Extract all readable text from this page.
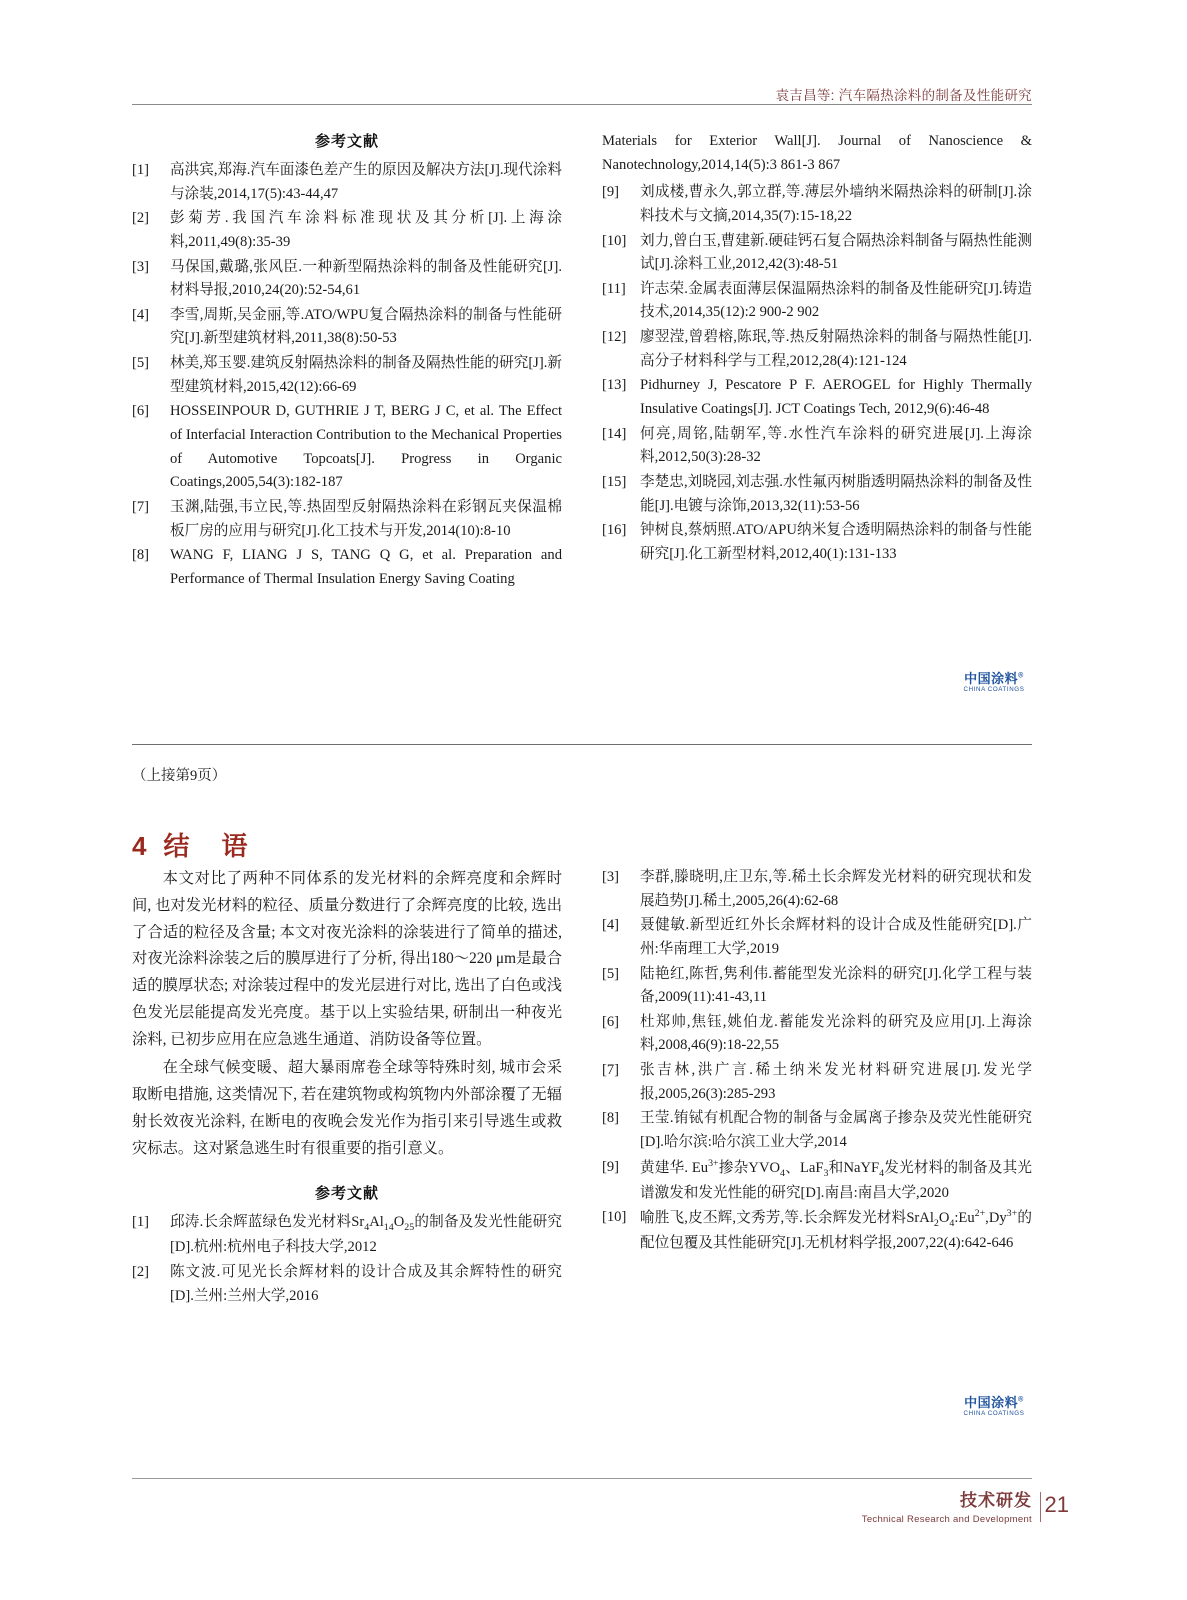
袁吉昌等: 汽车隔热涂料的制备及性能研究
参考文献
[1]	高洪宾,郑海.汽车面漆色差产生的原因及解决方法[J].现代涂料与涂装,2014,17(5):43-44,47
[2]	彭菊芳.我国汽车涂料标准现状及其分析[J].上海涂料,2011,49(8):35-39
[3]	马保国,戴璐,张风臣.一种新型隔热涂料的制备及性能研究[J].材料导报,2010,24(20):52-54,61
[4]	李雪,周斯,吴金丽,等.ATO/WPU复合隔热涂料的制备与性能研究[J].新型建筑材料,2011,38(8):50-53
[5]	林美,郑玉婴.建筑反射隔热涂料的制备及隔热性能的研究[J].新型建筑材料,2015,42(12):66-69
[6]	HOSSEINPOUR D, GUTHRIE J T, BERG J C, et al. The Effect of Interfacial Interaction Contribution to the Mechanical Properties of Automotive Topcoats[J]. Progress in Organic Coatings,2005,54(3):182-187
[7]	玉渊,陆强,韦立民,等.热固型反射隔热涂料在彩钢瓦夹保温棉板厂房的应用与研究[J].化工技术与开发,2014(10):8-10
[8]	WANG F, LIANG J S, TANG Q G, et al. Preparation and Performance of Thermal Insulation Energy Saving Coating
Materials for Exterior Wall[J]. Journal of Nanoscience & Nanotechnology,2014,14(5):3 861-3 867
[9]	刘成楼,曹永久,郭立群,等.薄层外墙纳米隔热涂料的研制[J].涂料技术与文摘,2014,35(7):15-18,22
[10] 刘力,曾白玉,曹建新.硬硅钙石复合隔热涂料制备与隔热性能测试[J].涂料工业,2012,42(3):48-51
[11] 许志荣.金属表面薄层保温隔热涂料的制备及性能研究[J].铸造技术,2014,35(12):2 900-2 902
[12] 廖翌滢,曾碧榕,陈珉,等.热反射隔热涂料的制备与隔热性能[J].高分子材料科学与工程,2012,28(4):121-124
[13] Pidhurney J, Pescatore P F. AEROGEL for Highly Thermally Insulative Coatings[J]. JCT Coatings Tech, 2012,9(6):46-48
[14] 何亮,周铭,陆朝军,等.水性汽车涂料的研究进展[J].上海涂料,2012,50(3):28-32
[15] 李楚忠,刘晓园,刘志强.水性氟丙树脂透明隔热涂料的制备及性能[J].电镀与涂饰,2013,32(11):53-56
[16] 钟树良,蔡炳照.ATO/APU纳米复合透明隔热涂料的制备与性能研究[J].化工新型材料,2012,40(1):131-133
中国涂料®
CHINA COATINGS
（上接第9页）
4 结　语

本文对比了两种不同体系的发光材料的余辉亮度和余辉时间, 也对发光材料的粒径、质量分数进行了余辉亮度的比较, 选出了合适的粒径及含量; 本文对夜光涂料的涂装进行了简单的描述, 对夜光涂料涂装之后的膜厚进行了分析, 得出180～220 μm是最合适的膜厚状态; 对涂装过程中的发光层进行对比, 选出了白色或浅色发光层能提高发光亮度。基于以上实验结果, 研制出一种夜光涂料, 已初步应用在应急逃生通道、消防设备等位置。

在全球气候变暖、超大暴雨席卷全球等特殊时刻, 城市会采取断电措施, 这类情况下, 若在建筑物或构筑物内外部涂覆了无辐射长效夜光涂料, 在断电的夜晚会发光作为指引来引导逃生或救灾标志。这对紧急逃生时有很重要的指引意义。

参考文献
[1]	邱涛.长余辉蓝绿色发光材料$Sr_4Al_{14}O_{25}$的制备及发光性能研究[D].杭州:杭州电子科技大学,2012
[2]	陈文波.可见光长余辉材料的设计合成及其余辉特性的研究[D].兰州:兰州大学,2016
[3]	李群,滕晓明,庄卫东,等.稀土长余辉发光材料的研究现状和发展趋势[J].稀土,2005,26(4):62-68
[4]	聂健敏.新型近红外长余辉材料的设计合成及性能研究[D].广州:华南理工大学,2019
[5]	陆艳红,陈哲,隽利伟.蓄能型发光涂料的研究[J].化学工程与装备,2009(11):41-43,11
[6]	杜郑帅,焦钰,姚伯龙.蓄能发光涂料的研究及应用[J].上海涂料,2008,46(9):18-22,55
[7]	张吉林,洪广言.稀土纳米发光材料研究进展[J].发光学报,2005,26(3):285-293
[8]	王莹.铕铽有机配合物的制备与金属离子掺杂及荧光性能研究[D].哈尔滨:哈尔滨工业大学,2014
[9]	黄建华. $Eu^{3+}$掺杂$YVO_4$、LaF$_3$和NaYF$_4$发光材料的制备及其光谱激发和发光性能的研究[D].南昌:南昌大学,2020
[10] 喻胜飞,皮丕辉,文秀芳,等.长余辉发光材料$SrAl_2O_4:Eu^{2+},Dy^{3+}$的配位包覆及其性能研究[J].无机材料学报,2007,22(4):642-646
中国涂料®
CHINA COATINGS
技术研发
Technical Research and Development
21
